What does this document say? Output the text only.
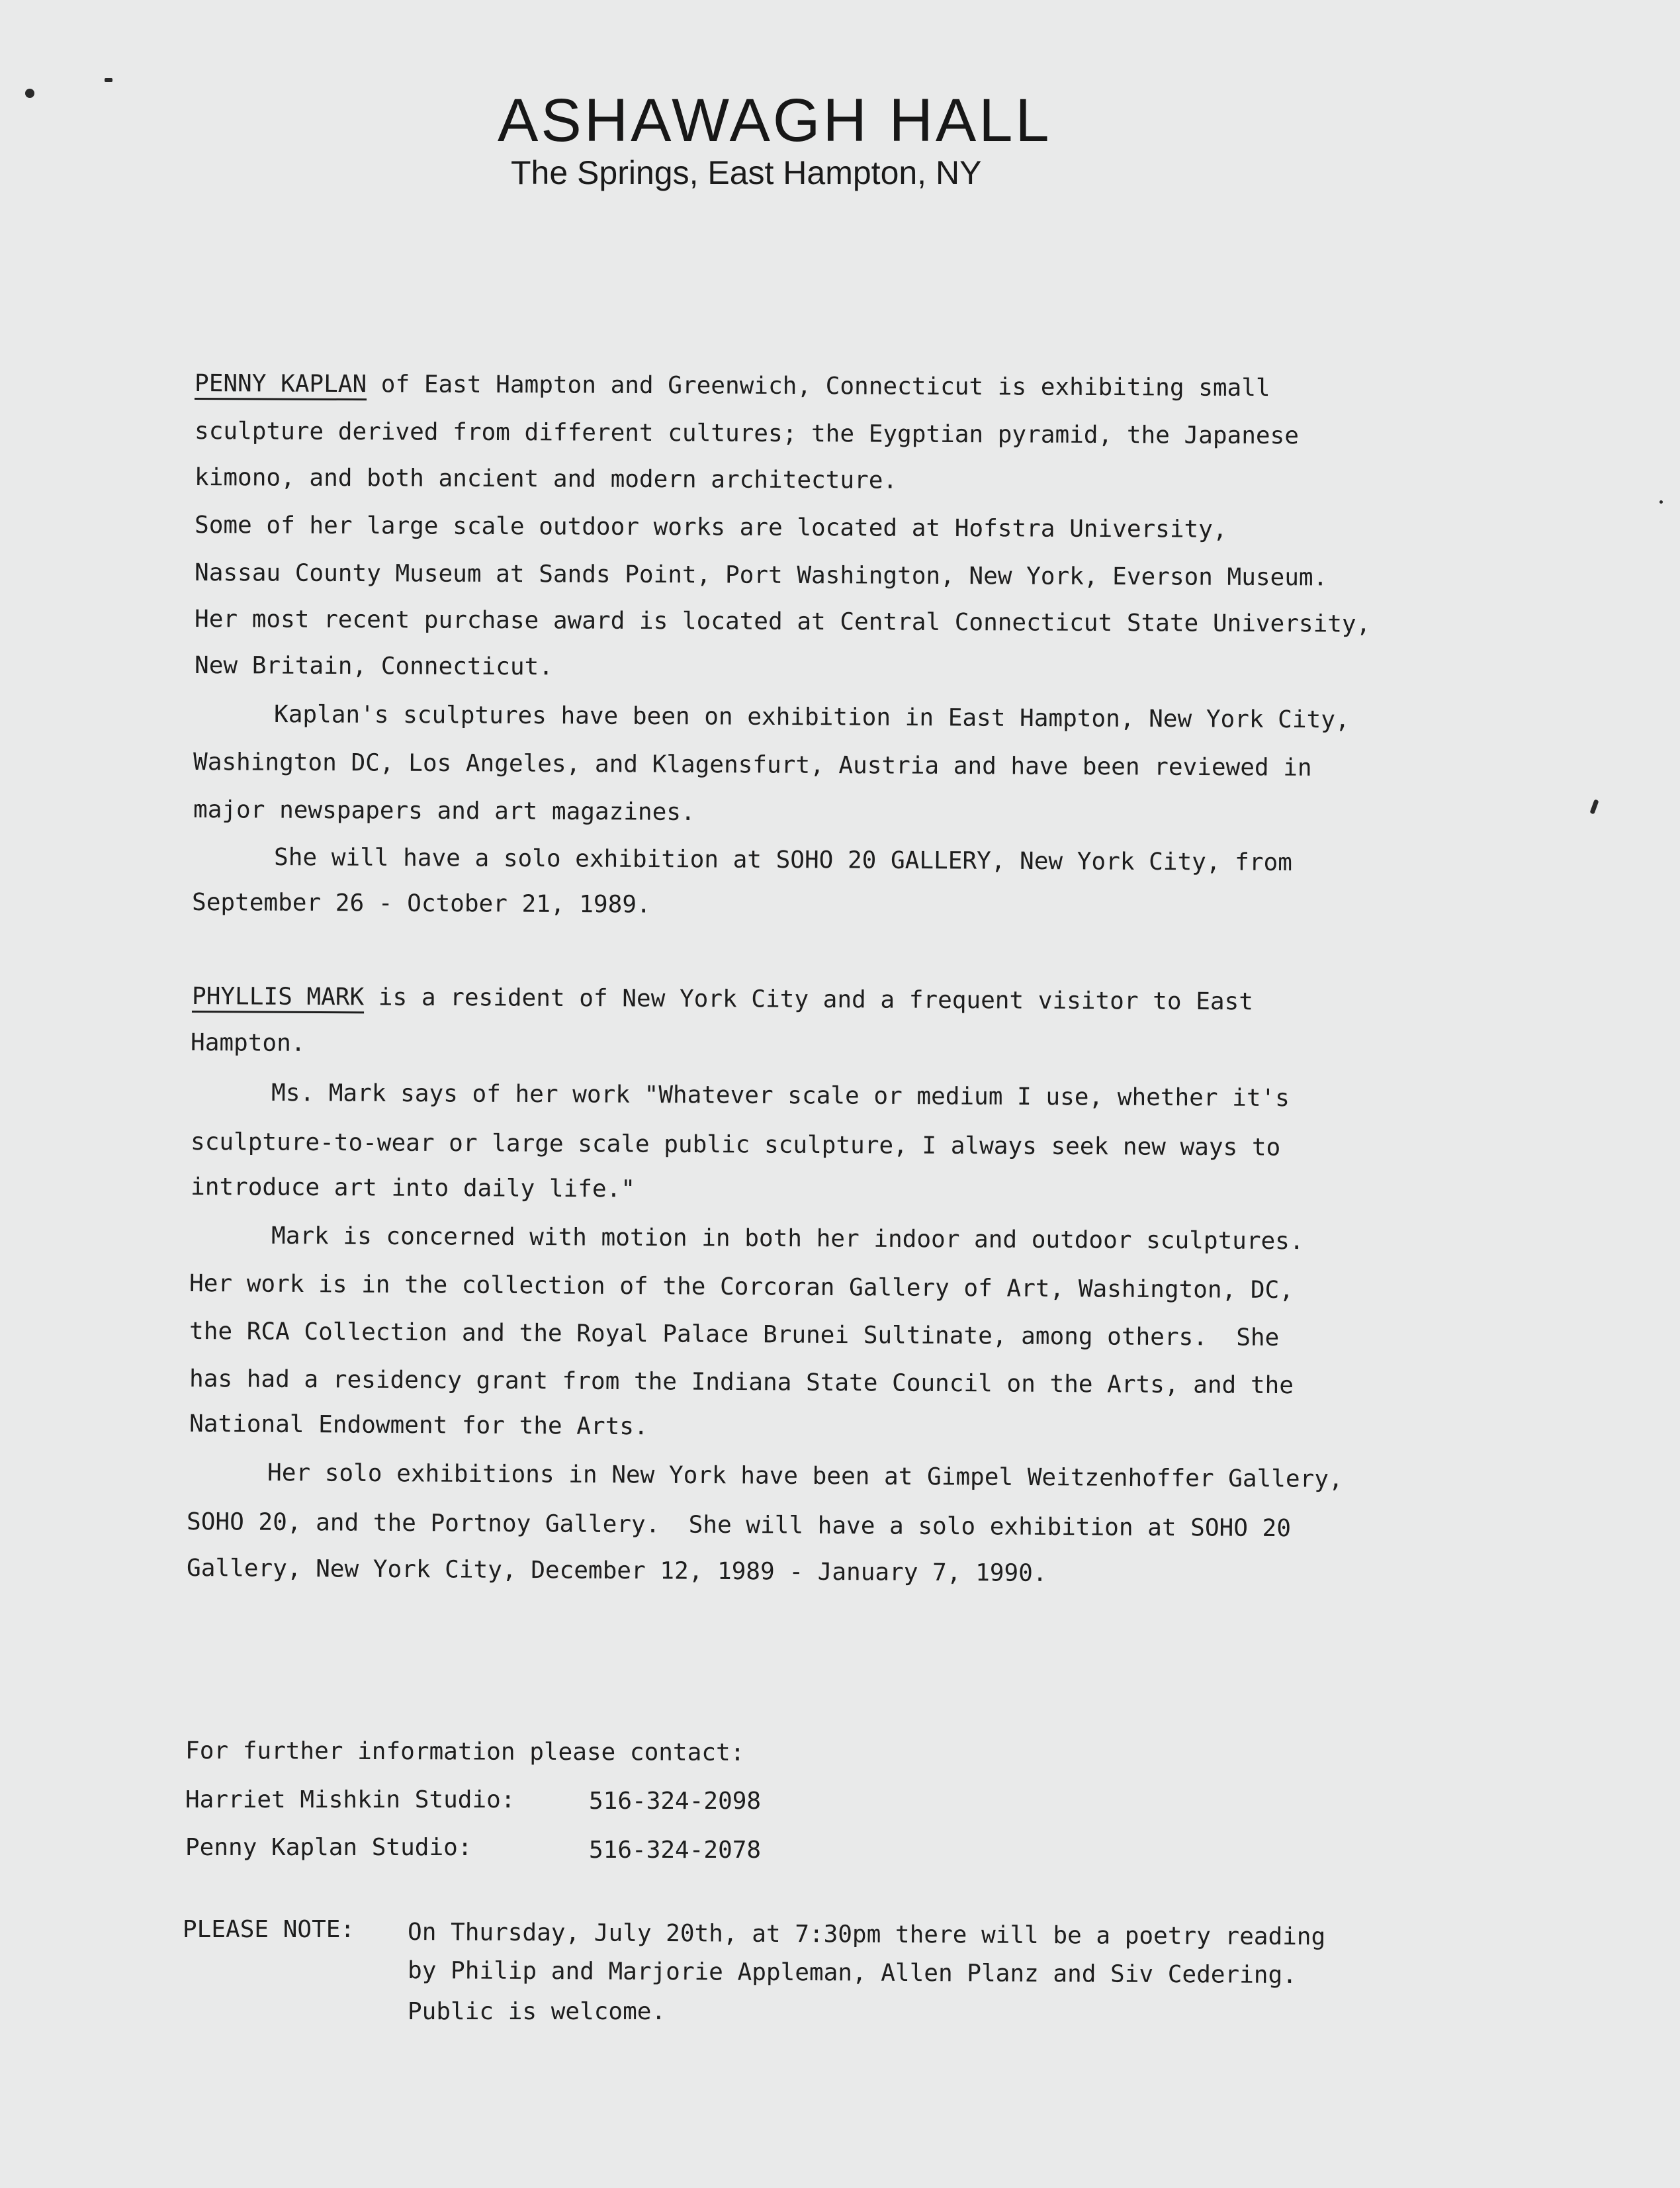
ASHAWAGH HALL
The Springs, East Hampton, NY
PENNY KAPLAN of East Hampton and Greenwich, Connecticut is exhibiting small
sculpture derived from different cultures; the Eygptian pyramid, the Japanese
kimono, and both ancient and modern architecture.
Some of her large scale outdoor works are located at Hofstra University,
Nassau County Museum at Sands Point, Port Washington, New York, Everson Museum.
Her most recent purchase award is located at Central Connecticut State University,
New Britain, Connecticut.
Kaplan's sculptures have been on exhibition in East Hampton, New York City,
Washington DC, Los Angeles, and Klagensfurt, Austria and have been reviewed in
major newspapers and art magazines.
She will have a solo exhibition at SOHO 20 GALLERY, New York City, from
September 26 - October 21, 1989.
PHYLLIS MARK is a resident of New York City and a frequent visitor to East
Hampton.
Ms. Mark says of her work "Whatever scale or medium I use, whether it's
sculpture-to-wear or large scale public sculpture, I always seek new ways to
introduce art into daily life."
Mark is concerned with motion in both her indoor and outdoor sculptures.
Her work is in the collection of the Corcoran Gallery of Art, Washington, DC,
the RCA Collection and the Royal Palace Brunei Sultinate, among others.  She
has had a residency grant from the Indiana State Council on the Arts, and the
National Endowment for the Arts.
Her solo exhibitions in New York have been at Gimpel Weitzenhoffer Gallery,
SOHO 20, and the Portnoy Gallery.  She will have a solo exhibition at SOHO 20
Gallery, New York City, December 12, 1989 - January 7, 1990.
For further information please contact:
Harriet Mishkin Studio:	516-324-2098
Penny Kaplan Studio:	516-324-2078
PLEASE NOTE: On Thursday, July 20th, at 7:30pm there will be a poetry reading
by Philip and Marjorie Appleman, Allen Planz and Siv Cedering.
Public is welcome.
